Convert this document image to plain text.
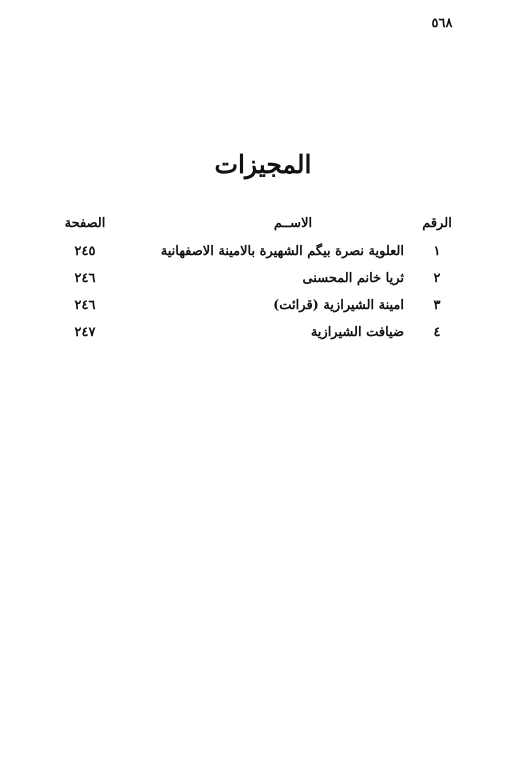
٥٦٨
المجيزات
الرقم
الاســم
الصفحة
١
العلوية نصرة بيگم الشهيرة بالامينة الاصفهانية
٢٤٥
٢
ثريا خانم المحسنى
٢٤٦
٣
امينة الشيرازية (قرائت)
٢٤٦
٤
ضيافت الشيرازية
٢٤٧
